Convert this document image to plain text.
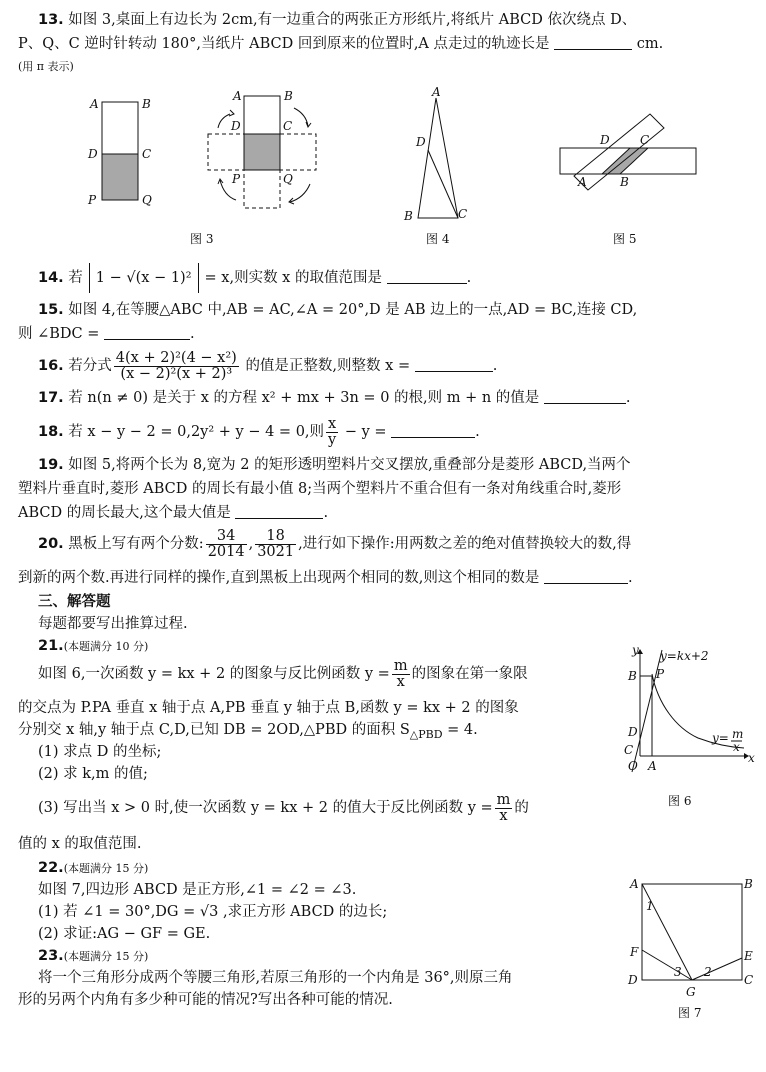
13. 如图 3,桌面上有边长为 2cm,有一边重合的两张正方形纸片,将纸片 ABCD 依次绕点 D、
P、Q、C 逆时针转动 180°,当纸片 ABCD 回到原来的位置时,A 点走过的轨迹长是	cm.
(用 π 表示)
A	B
D	C
P	Q
A	B
D	C
P	Q
图 3
A
D
B	C
图 4
D	C
A	B
图 5
14. 若 1 − √(x − 1)² = x,则实数 x 的取值范围是	.
15. 如图 4,在等腰△ABC 中,AB = AC,∠A = 20°,D 是 AB 边上的一点,AD = BC,连接 CD,
则 ∠BDC =	.
16. 若分式 $\frac{\text{4(x + 2)²(4 − x²)}}{\text{(x − 2)²(x + 2)³}}$ 的值是正整数,则整数 x =	.
17. 若 n(n ≠ 0) 是关于 x 的方程 x² + mx + 3n = 0 的根,则 m + n 的值是	.
18. 若 x − y − 2 = 0,2y² + y − 4 = 0,则 $\frac{x}{y} - y$ =	.
19. 如图 5,将两个长为 8,宽为 2 的矩形透明塑料片交叉摆放,重叠部分是菱形 ABCD,当两个
塑料片垂直时,菱形 ABCD 的周长有最小值 8;当两个塑料片不重合但有一条对角线重合时,菱形
ABCD 的周长最大,这个最大值是	.
20. 黑板上写有两个分数: $\frac{34}{2014}$ , $\frac{18}{3021}$ ,进行如下操作:用两数之差的绝对值替换较大的数,得
到新的两个数.再进行同样的操作,直到黑板上出现两个相同的数,则这个相同的数是	.
三、解答题
每题都要写出推算过程.
21.(本题满分 10 分)
如图 6,一次函数 y = kx + 2 的图象与反比例函数 $y = \frac{m}{x}$ 的图象在第一象限
的交点为 P.PA 垂直 x 轴于点 A,PB 垂直 y 轴于点 B,函数 y = kx + 2 的图象
分别交 x 轴,y 轴于点 C,D,已知 DB = 2OD,△PBD 的面积 $S_{\triangle PBD} = 4$.
(1) 求点 D 的坐标;
(2) 求 k,m 的值;
(3) 写出当 x > 0 时,使一次函数 y = kx + 2 的值大于反比例函数 $y = \frac{m}{x}$ 的
值的 x 的取值范围.
y
x
O A
B P
D
C
y=kx+2
y= m
x
图 6
22.(本题满分 15 分)
如图 7,四边形 ABCD 是正方形,∠1 = ∠2 = ∠3.
(1) 若 ∠1 = 30°,DG = √3 ,求正方形 ABCD 的边长;
(2) 求证:AG − GF = GE.
23.(本题满分 15 分)
将一个三角形分成两个等腰三角形,若原三角形的一个内角是 36°,则原三角
形的另两个内角有多少种可能的情况?写出各种可能的情况.
A	B
F
D	C
E
G
1
3 2
图 7
